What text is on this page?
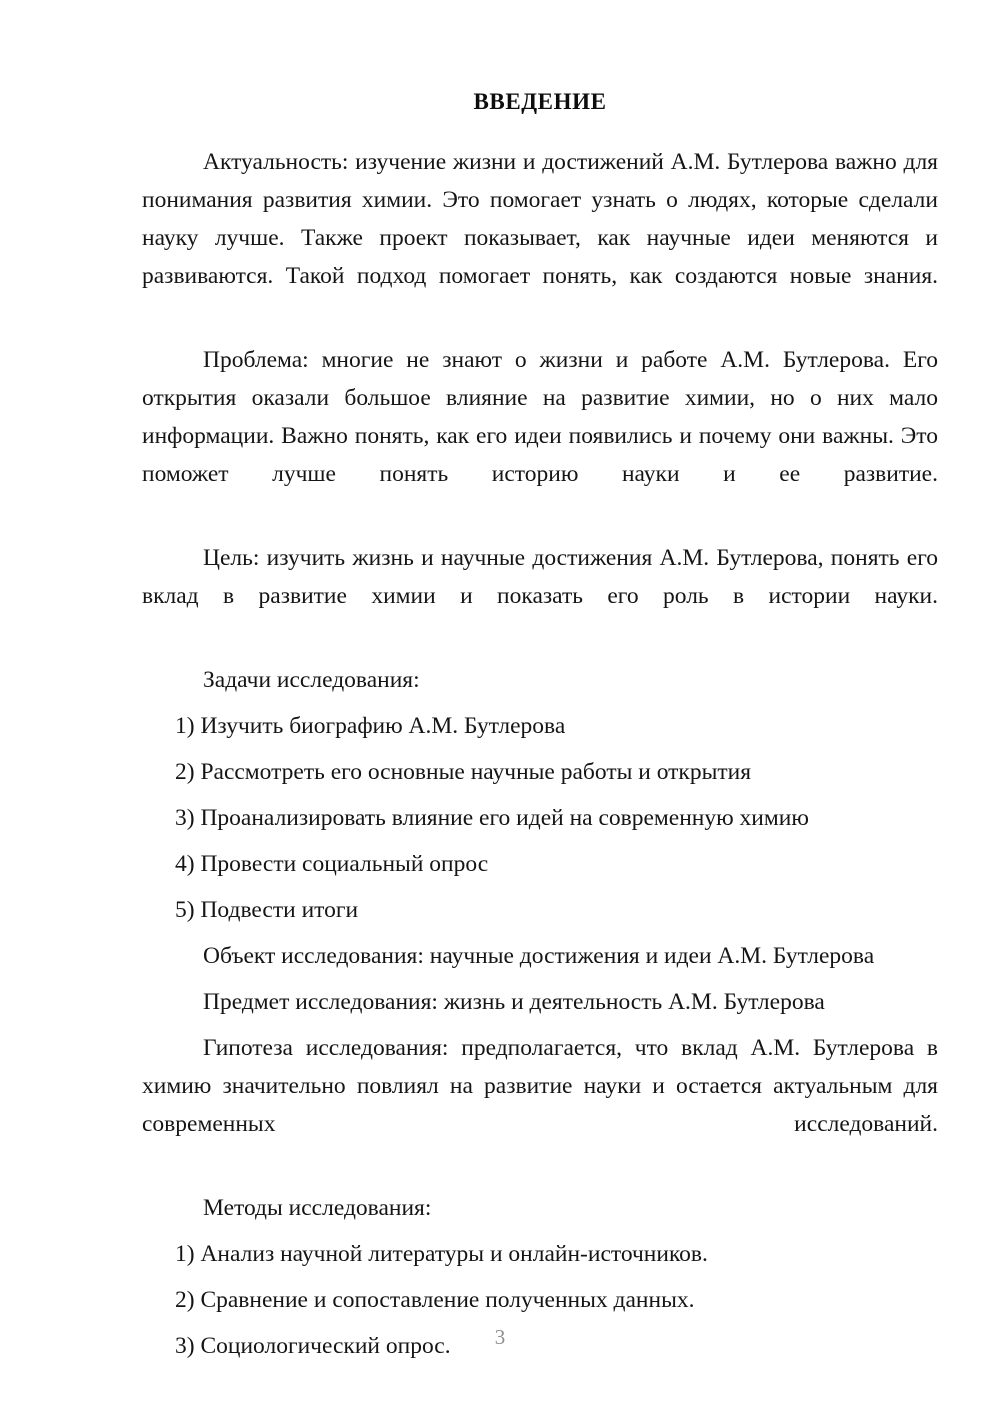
ВВЕДЕНИЕ

Актуальность: изучение жизни и достижений А.М. Бутлерова важно для понимания развития химии. Это помогает узнать о людях, которые сделали науку лучше. Также проект показывает, как научные идеи меняются и развиваются. Такой подход помогает понять, как создаются новые знания.

Проблема: многие не знают о жизни и работе А.М. Бутлерова. Его открытия оказали большое влияние на развитие химии, но о них мало информации. Важно понять, как его идеи появились и почему они важны. Это поможет лучше понять историю науки и ее развитие.

Цель: изучить жизнь и научные достижения А.М. Бутлерова, понять его вклад в развитие химии и показать его роль в истории науки.

Задачи исследования:

1) Изучить биографию А.М. Бутлерова
2) Рассмотреть его основные научные работы и открытия
3) Проанализировать влияние его идей на современную химию
4) Провести социальный опрос
5) Подвести итоги

Объект исследования: научные достижения и идеи А.М. Бутлерова

Предмет исследования: жизнь и деятельность А.М. Бутлерова

Гипотеза исследования: предполагается, что вклад А.М. Бутлерова в химию значительно повлиял на развитие науки и остается актуальным для современных исследований.

Методы исследования:

1) Анализ научной литературы и онлайн-источников.
2) Сравнение и сопоставление полученных данных.
3) Социологический опрос.	3
